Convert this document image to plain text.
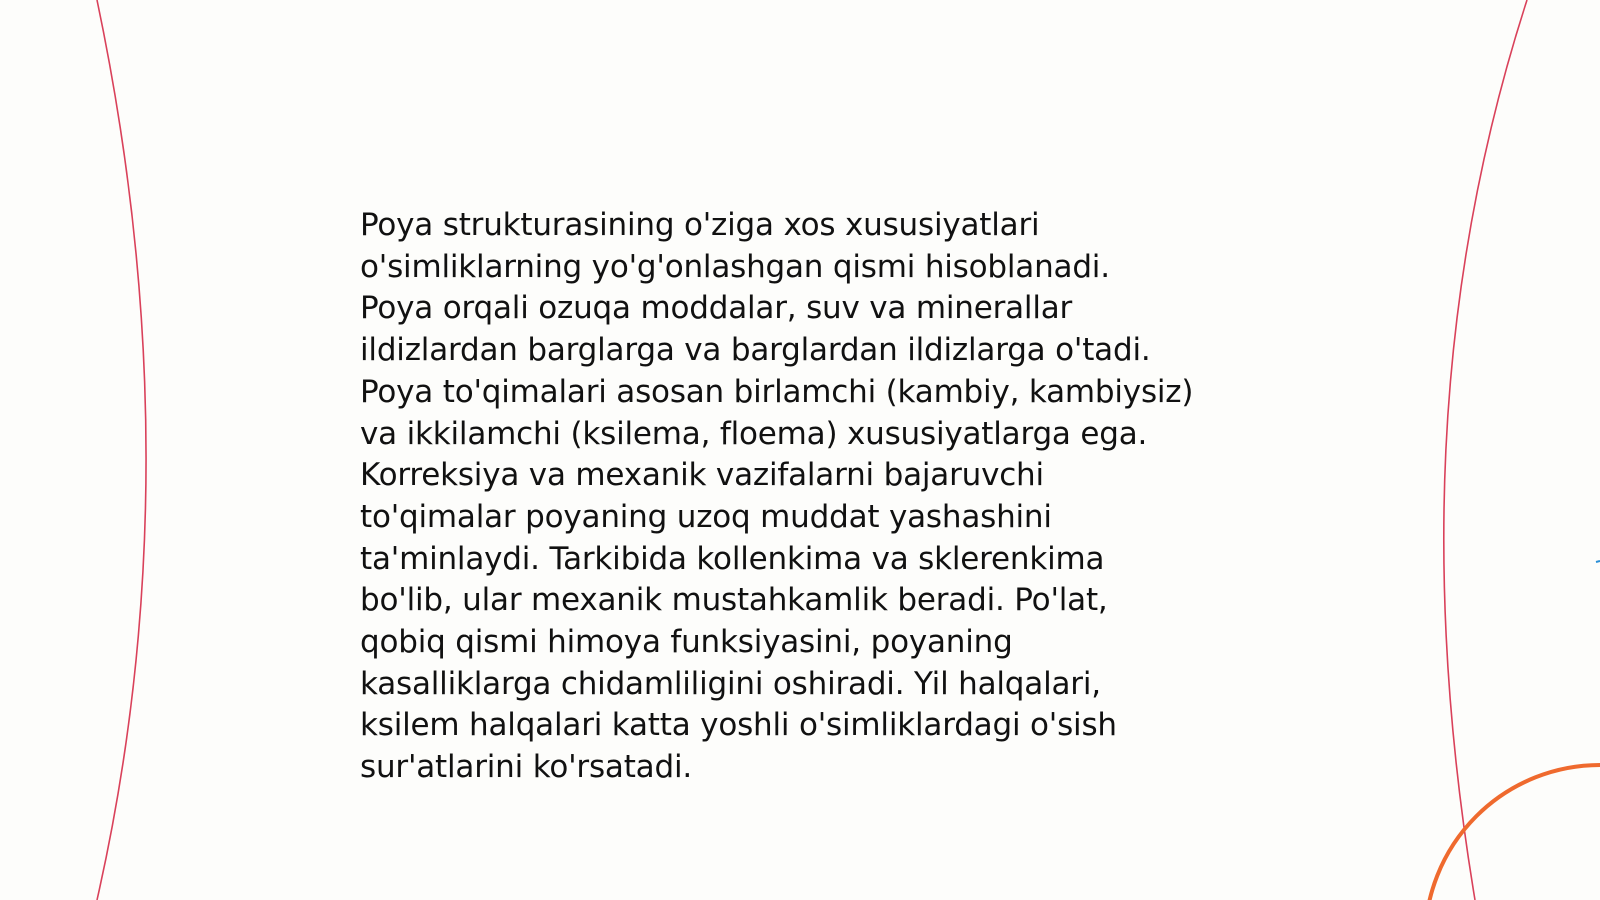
Poya strukturasining o'ziga xos xususiyatlari
o'simliklarning yo'g'onlashgan qismi hisoblanadi.
Poya orqali ozuqa moddalar, suv va minerallar
ildizlardan barglarga va barglardan ildizlarga o'tadi.
Poya to'qimalari asosan birlamchi (kambiy, kambiysiz)
va ikkilamchi (ksilema, floema) xususiyatlarga ega.
Korreksiya va mexanik vazifalarni bajaruvchi
to'qimalar poyaning uzoq muddat yashashini
ta'minlaydi. Tarkibida kollenkima va sklerenkima
bo'lib, ular mexanik mustahkamlik beradi. Po'lat,
qobiq qismi himoya funksiyasini, poyaning
kasalliklarga chidamliligini oshiradi. Yil halqalari,
ksilem halqalari katta yoshli o'simliklardagi o'sish
sur'atlarini ko'rsatadi.
